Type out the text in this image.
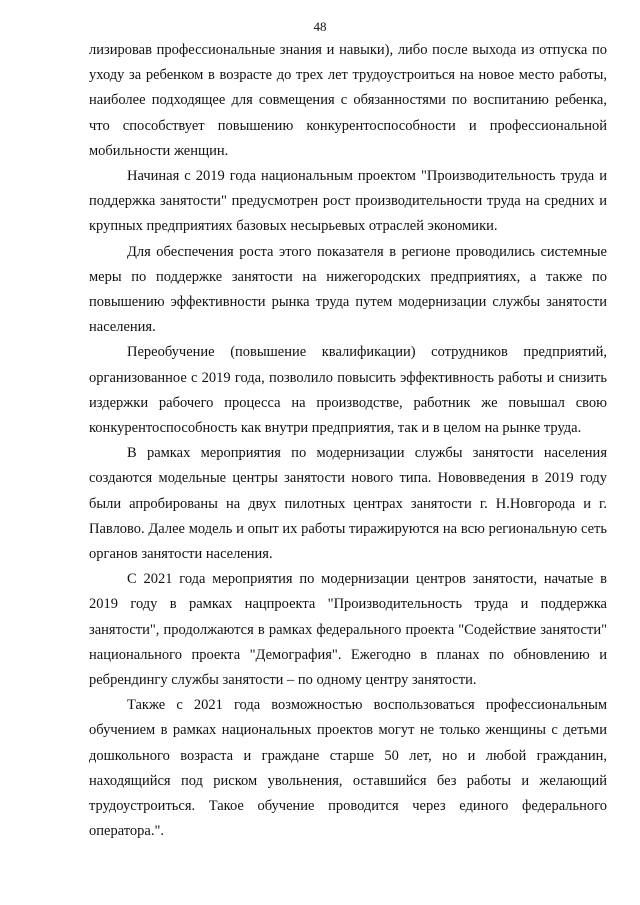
48

лизировав профессиональные знания и навыки), либо после выхода из отпуска по уходу за ребенком в возрасте до трех лет трудоустроиться на новое место работы, наиболее подходящее для совмещения с обязанностями по воспитанию ребенка, что способствует повышению конкурентоспособности и профессиональной мобильности женщин.

Начиная с 2019 года национальным проектом "Производительность труда и поддержка занятости" предусмотрен рост производительности труда на средних и крупных предприятиях базовых несырьевых отраслей экономики.

Для обеспечения роста этого показателя в регионе проводились системные меры по поддержке занятости на нижегородских предприятиях, а также по повышению эффективности рынка труда путем модернизации службы занятости населения.

Переобучение (повышение квалификации) сотрудников предприятий, организованное с 2019 года, позволило повысить эффективность работы и снизить издержки рабочего процесса на производстве, работник же повышал свою конкурентоспособность как внутри предприятия, так и в целом на рынке труда.

В рамках мероприятия по модернизации службы занятости населения создаются модельные центры занятости нового типа. Нововведения в 2019 году были апробированы на двух пилотных центрах занятости г. Н.Новгорода и г. Павлово. Далее модель и опыт их работы тиражируются на всю региональную сеть органов занятости населения.

С 2021 года мероприятия по модернизации центров занятости, начатые в 2019 году в рамках нацпроекта "Производительность труда и поддержка занятости", продолжаются в рамках федерального проекта "Содействие занятости" национального проекта "Демография". Ежегодно в планах по обновлению и ребрендингу службы занятости – по одному центру занятости.

Также с 2021 года возможностью воспользоваться профессиональным обучением в рамках национальных проектов могут не только женщины с детьми дошкольного возраста и граждане старше 50 лет, но и любой гражданин, находящийся под риском увольнения, оставшийся без работы и желающий трудоустроиться. Такое обучение проводится через единого федерального оператора.".
